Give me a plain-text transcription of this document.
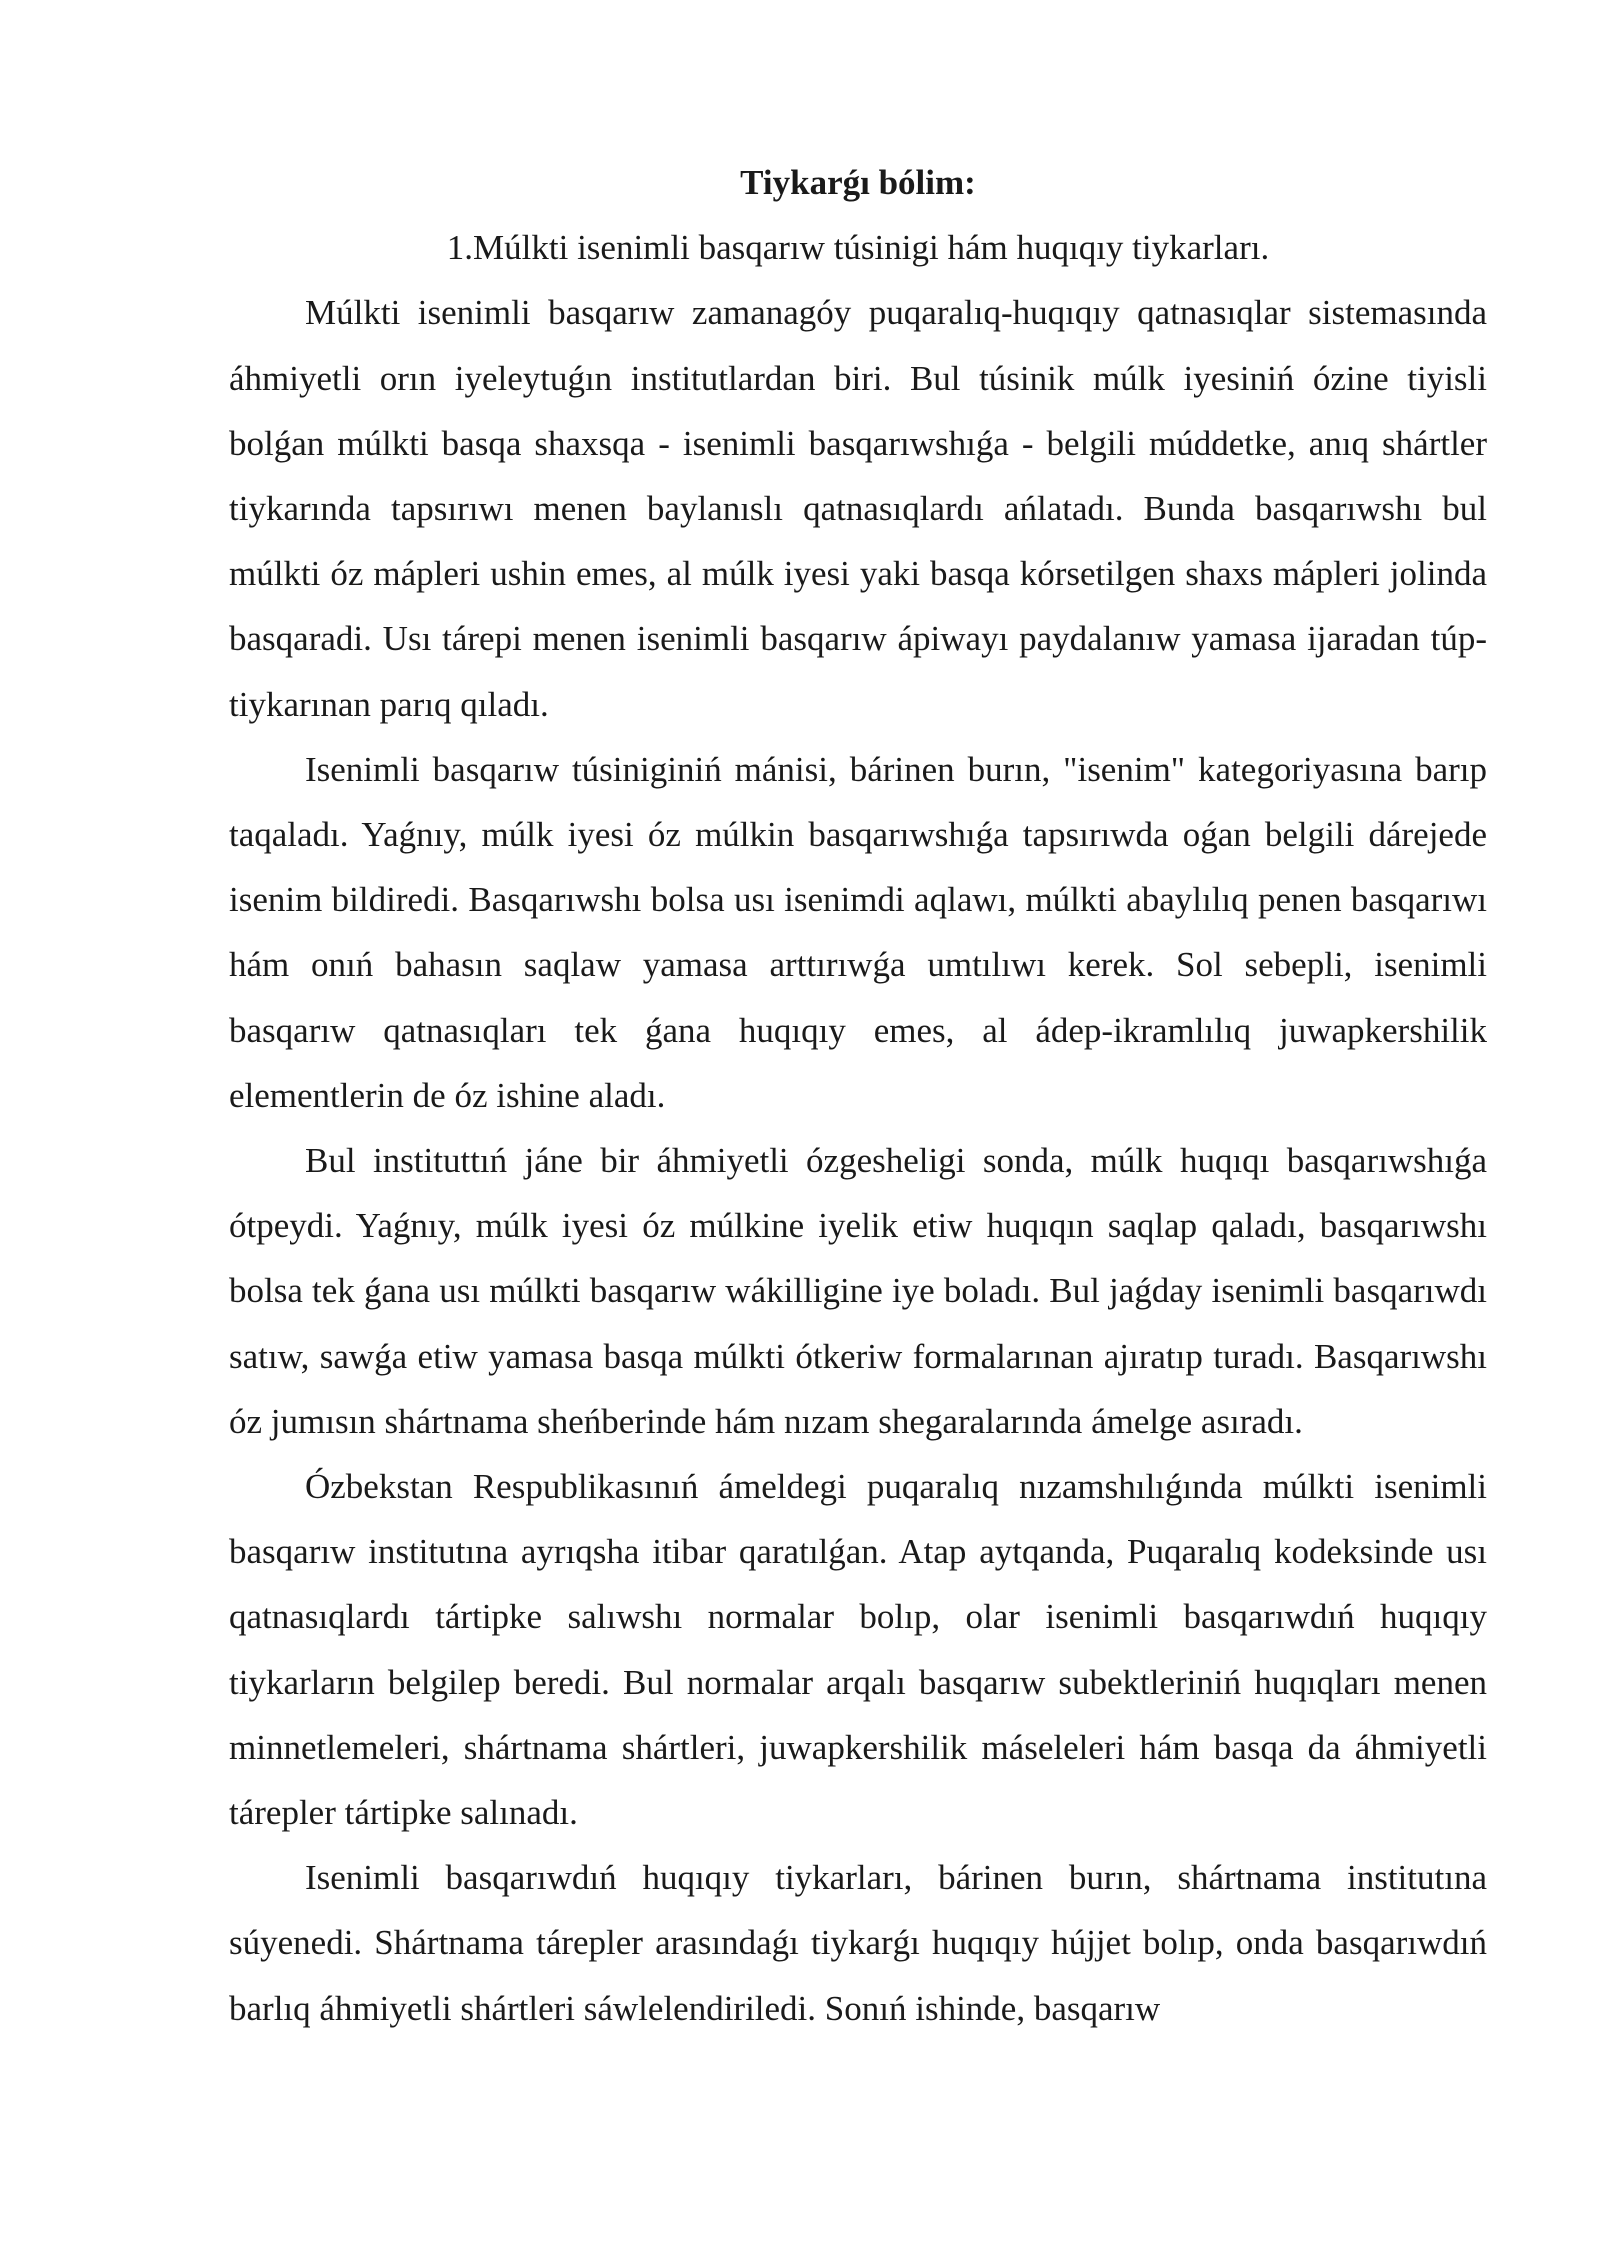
Tiykarǵı bólim:
1.Múlkti isenimli basqarıw túsinigi hám huqıqıy tiykarları.

Múlkti isenimli basqarıw zamanagóy puqaralıq-huqıqıy qatnasıqlar sistemasında áhmiyetli orın iyeleytuǵın institutlardan biri. Bul túsinik múlk iyesiniń ózine tiyisli bolǵan múlkti basqa shaxsqa - isenimli basqarıwshıǵa - belgili múddetke, anıq shártler tiykarında tapsırıwı menen baylanıslı qatnasıqlardı ańlatadı. Bunda basqarıwshı bul múlkti óz mápleri ushin emes, al múlk iyesi yaki basqa kórsetilgen shaxs mápleri jolinda basqaradi. Usı tárepi menen isenimli basqarıw ápiwayı paydalanıw yamasa ijaradan túp-tiykarınan parıq qıladı.

Isenimli basqarıw túsiniginiń mánisi, bárinen burın, "isenim" kategoriyasına barıp taqaladı. Yaǵnıy, múlk iyesi óz múlkin basqarıwshıǵa tapsırıwda oǵan belgili dárejede isenim bildiredi. Basqarıwshı bolsa usı isenimdi aqlawı, múlkti abaylılıq penen basqarıwı hám onıń bahasın saqlaw yamasa arttırıwǵa umtılıwı kerek. Sol sebepli, isenimli basqarıw qatnasıqları tek ǵana huqıqıy emes, al ádep-ikramlılıq juwapkershilik elementlerin de óz ishine aladı.

Bul instituttıń jáne bir áhmiyetli ózgesheligi sonda, múlk huqıqı basqarıwshıǵa ótpeydi. Yaǵnıy, múlk iyesi óz múlkine iyelik etiw huqıqın saqlap qaladı, basqarıwshı bolsa tek ǵana usı múlkti basqarıw wákilligine iye boladı. Bul jaǵday isenimli basqarıwdı satıw, sawǵa etiw yamasa basqa múlkti ótkeriw formalarınan ajıratıp turadı. Basqarıwshı óz jumısın shártnama sheńberinde hám nızam shegaralarında ámelge asıradı.

Ózbekstan Respublikasınıń ámeldegi puqaralıq nızamshılıǵında múlkti isenimli basqarıw institutına ayrıqsha itibar qaratılǵan. Atap aytqanda, Puqaralıq kodeksinde usı qatnasıqlardı tártipke salıwshı normalar bolıp, olar isenimli basqarıwdıń huqıqıy tiykarların belgilep beredi. Bul normalar arqalı basqarıw subektleriniń huqıqları menen minnetlemeleri, shártnama shártleri, juwapkershilik máseleleri hám basqa da áhmiyetli tárepler tártipke salınadı.

Isenimli basqarıwdıń huqıqıy tiykarları, bárinen burın, shártnama institutına súyenedi. Shártnama tárepler arasındaǵı tiykarǵı huqıqıy hújjet bolıp, onda basqarıwdıń barlıq áhmiyetli shártleri sáwlelendiriledi. Sonıń ishinde, basqarıw
